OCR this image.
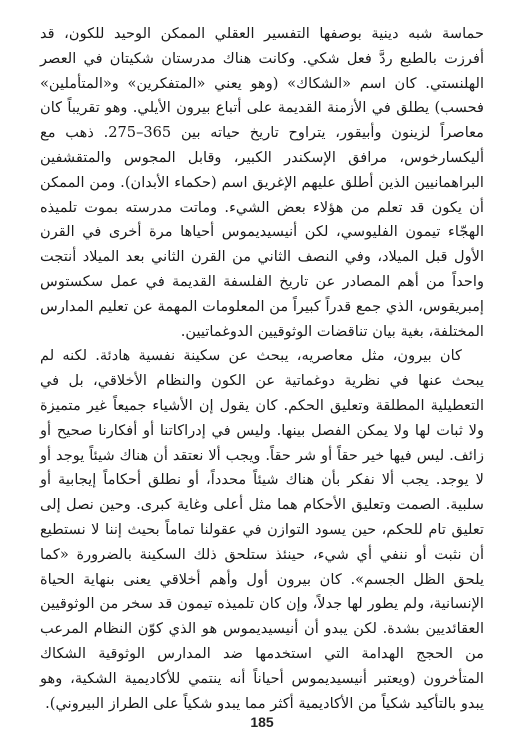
حماسة شبه دينية بوصفها التفسير العقلي الممكن الوحيد للكون، قد أفرزت بالطبع ردَّ فعل شكي. وكانت هناك مدرستان شكيتان في العصر الهلنستي. كان اسم «الشكاك» (وهو يعني «المتفكرين» و«المتأملين» فحسب) يطلق في الأزمنة القديمة على أتباع بيرون الأيلي. وهو تقريباً كان معاصراً لزينون وأبيقور، يتراوح تاريخ حياته بين 365–275. ذهب مع أليكسارخوس، مرافق الإسكندر الكبير، وقابل المجوس والمتقشفين البراهمانيين الذين أطلق عليهم الإغريق اسم (حكماء الأبدان). ومن الممكن أن يكون قد تعلم من هؤلاء بعض الشيء. وماتت مدرسته بموت تلميذه الهجّاء تيمون الفليوسي، لكن أنيسيديموس أحياها مرة أخرى في القرن الأول قبل الميلاد، وفي النصف الثاني من القرن الثاني بعد الميلاد أنتجت واحداً من أهم المصادر عن تاريخ الفلسفة القديمة في عمل سكستوس إمبريقوس، الذي جمع قدراً كبيراً من المعلومات المهمة عن تعليم المدارس المختلفة، بغية بيان تناقضات الوثوقيين الدوغماتيين.

كان بيرون، مثل معاصريه، يبحث عن سكينة نفسية هادئة. لكنه لم يبحث عنها في نظرية دوغماتية عن الكون والنظام الأخلاقي، بل في التعطيلية المطلقة وتعليق الحكم. كان يقول إن الأشياء جميعاً غير متميزة ولا ثبات لها ولا يمكن الفصل بينها. وليس في إدراكاتنا أو أفكارنا صحيح أو زائف. ليس فيها خير حقاً أو شر حقاً. ويجب ألا نعتقد أن هناك شيئاً يوجد أو لا يوجد. يجب ألا نفكر بأن هناك شيئاً محدداً، أو نطلق أحكاماً إيجابية أو سلبية. الصمت وتعليق الأحكام هما مثل أعلى وغاية كبرى. وحين نصل إلى تعليق تام للحكم، حين يسود التوازن في عقولنا تماماً بحيث إننا لا نستطيع أن نثبت أو ننفي أي شيء، حينئذ ستلحق ذلك السكينة بالضرورة «كما يلحق الظل الجسم». كان بيرون أول وأهم أخلاقي يعنى بنهاية الحياة الإنسانية، ولم يطور لها جدلاً، وإن كان تلميذه تيمون قد سخر من الوثوقيين العقائديين بشدة. لكن يبدو أن أنيسيديموس هو الذي كوّن النظام المرعب من الحجج الهدامة التي استخدمها ضد المدارس الوثوقية الشكاك المتأخرون (ويعتبر أنيسيديموس أحياناً أنه ينتمي للأكاديمية الشكية، وهو يبدو بالتأكيد شكياً من الأكاديمية أكثر مما يبدو شكياً على الطراز البيروني).

185
